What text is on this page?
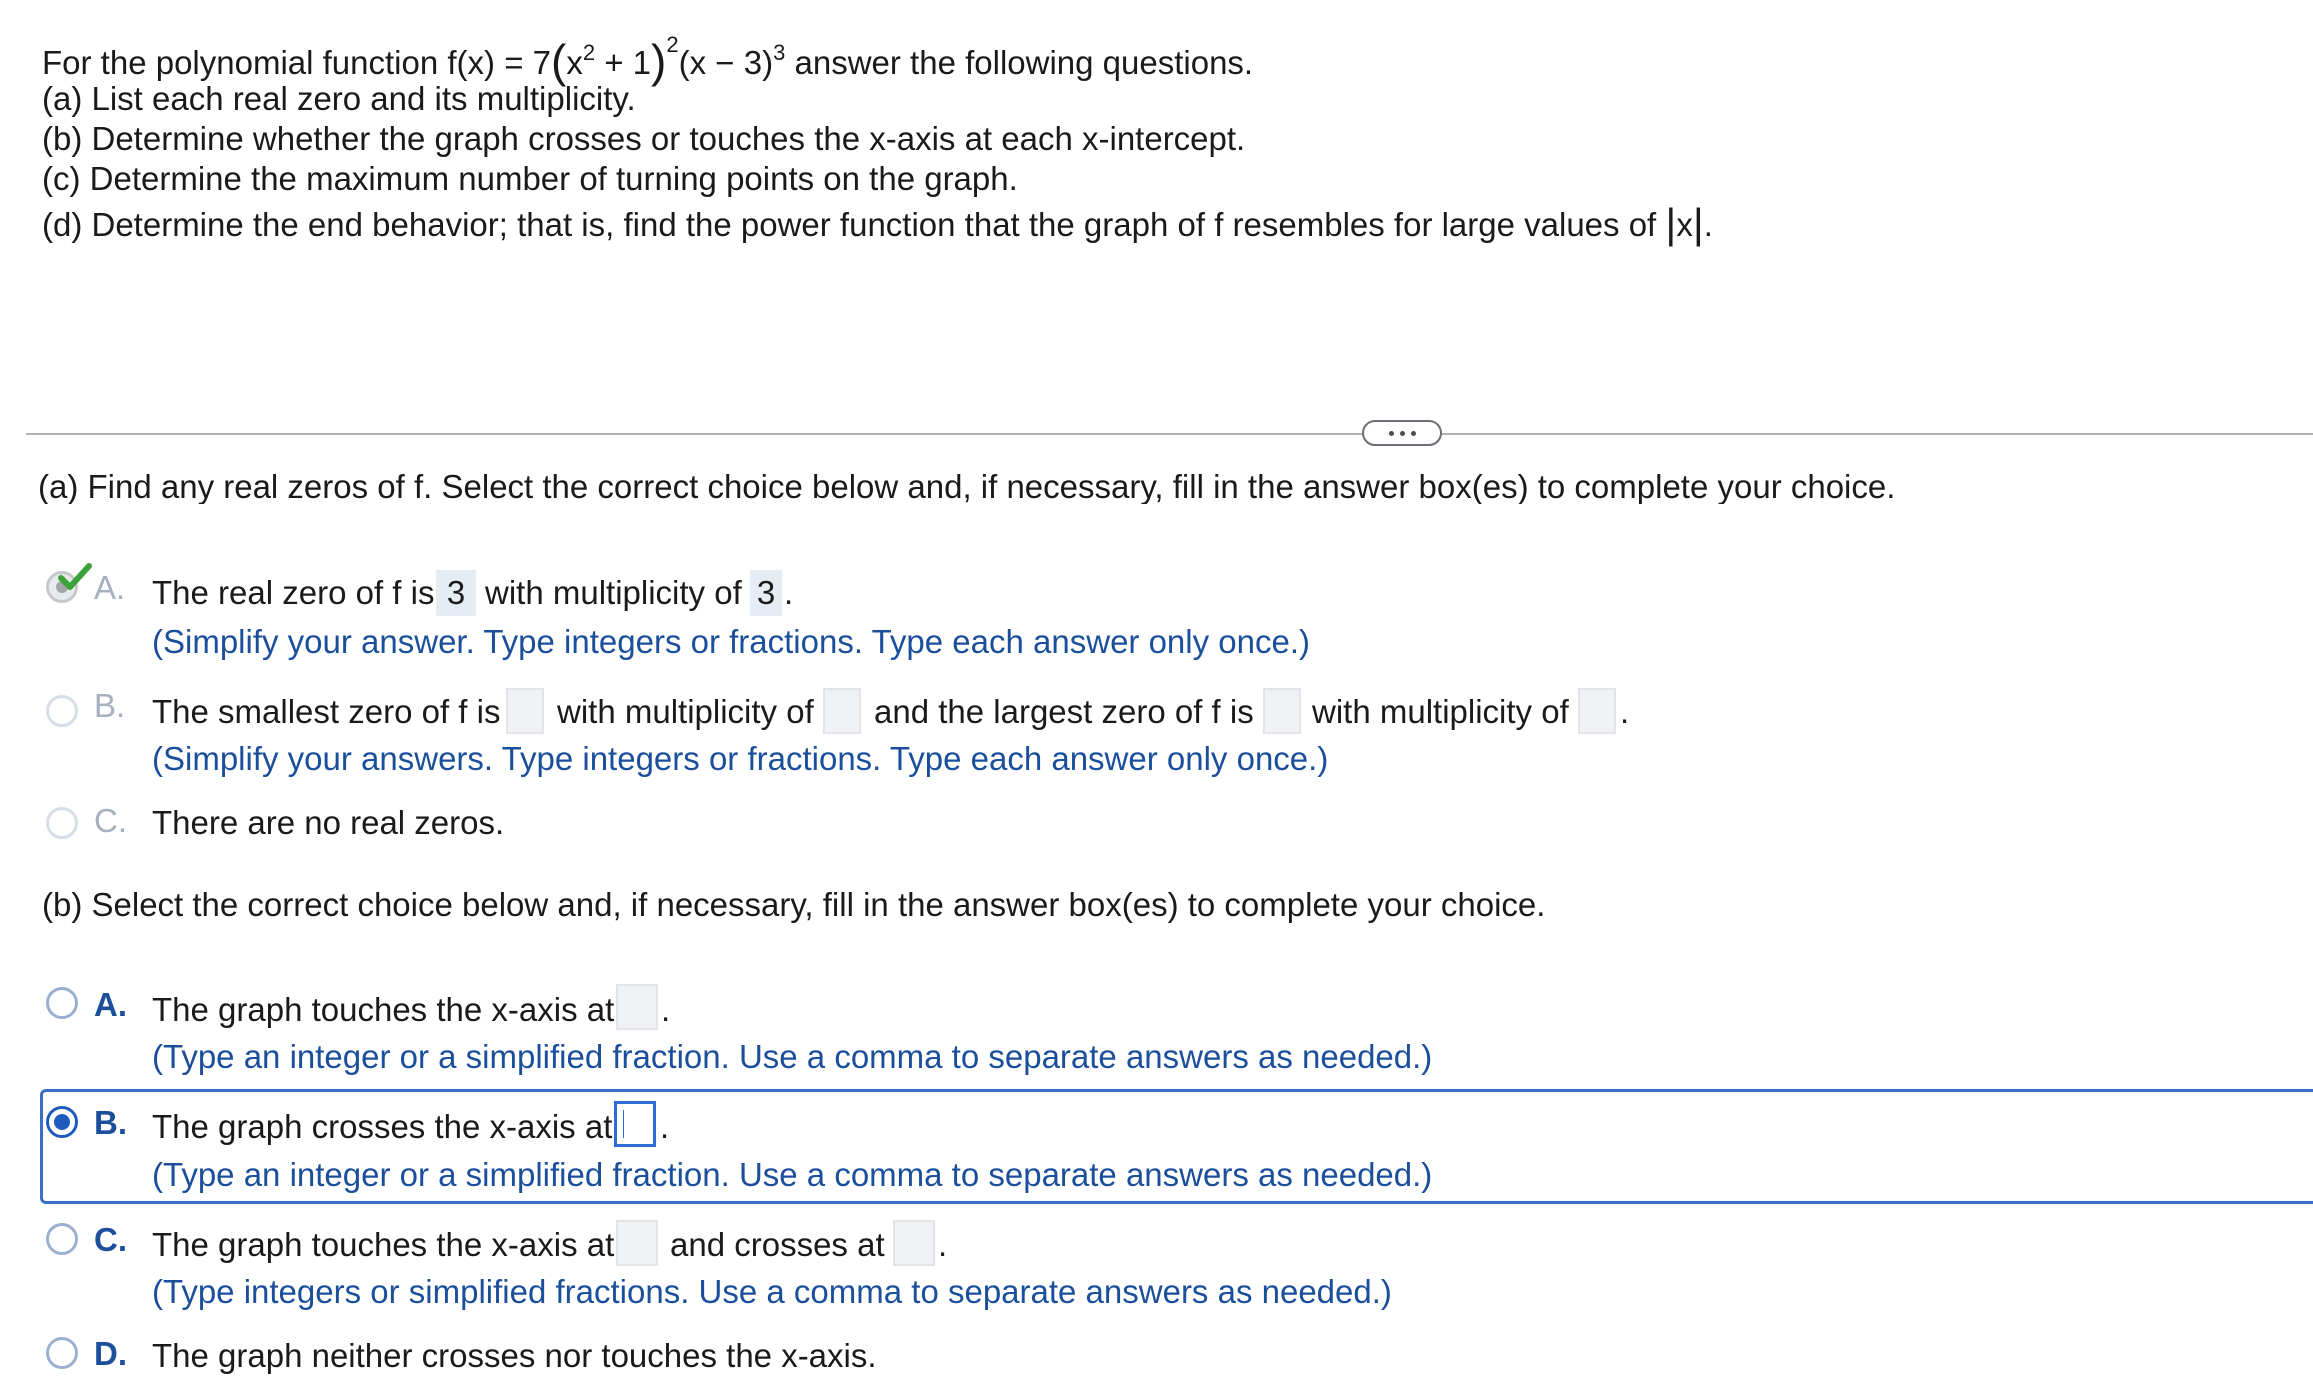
For the polynomial function $f(x) = 7(x^2 + 1)^2(x - 3)^3$ answer the following questions.
(a) List each real zero and its multiplicity.
(b) Determine whether the graph crosses or touches the x-axis at each x-intercept.
(c) Determine the maximum number of turning points on the graph.
(d) Determine the end behavior; that is, find the power function that the graph of f resembles for large values of |x|.
(a) Find any real zeros of f. Select the correct choice below and, if necessary, fill in the answer box(es) to complete your choice.
A. The real zero of f is 3 with multiplicity of 3 .
(Simplify your answer. Type integers or fractions. Type each answer only once.)
B. The smallest zero of f is with multiplicity of and the largest zero of f is with multiplicity of .
(Simplify your answers. Type integers or fractions. Type each answer only once.)
C. There are no real zeros.
(b) Select the correct choice below and, if necessary, fill in the answer box(es) to complete your choice.
A. The graph touches the x-axis at .
(Type an integer or a simplified fraction. Use a comma to separate answers as needed.)
B. The graph crosses the x-axis at .
(Type an integer or a simplified fraction. Use a comma to separate answers as needed.)
C. The graph touches the x-axis at and crosses at .
(Type integers or simplified fractions. Use a comma to separate answers as needed.)
D. The graph neither crosses nor touches the x-axis.
